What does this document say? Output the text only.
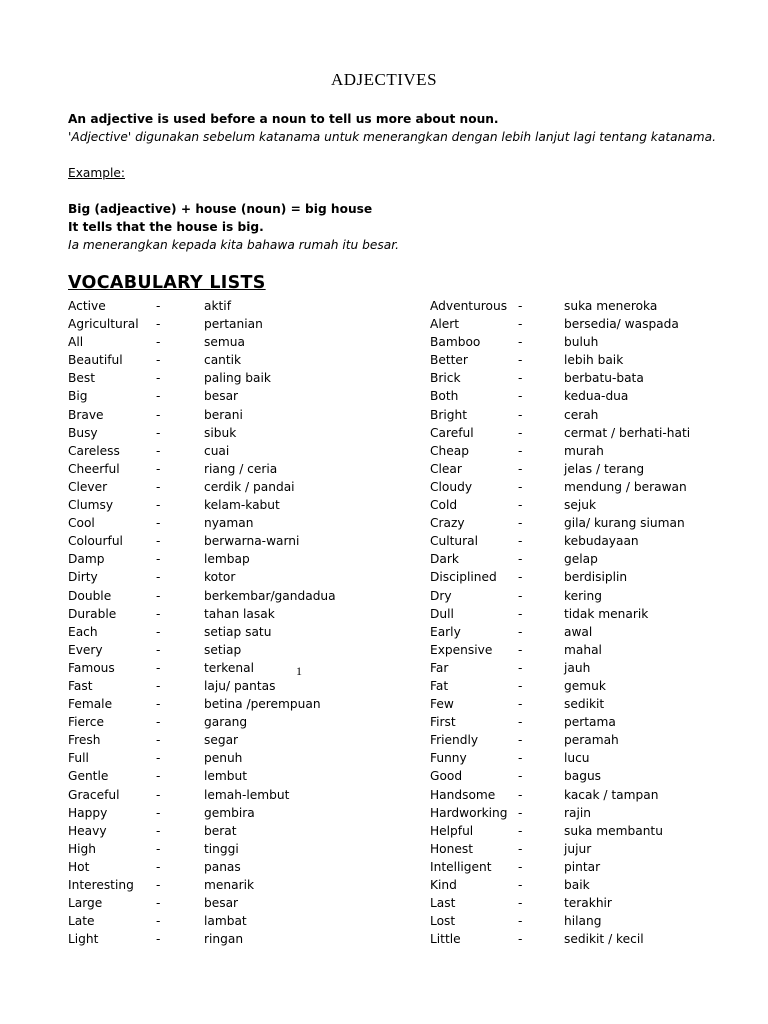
ADJECTIVES
An adjective is used before a noun to tell us more about noun.
'Adjective' digunakan sebelum katanama untuk menerangkan dengan lebih lanjut lagi tentang katanama.
Example:
Big (adjeactive) + house (noun) = big house
It tells that the house is big.
Ia menerangkan kepada kita bahawa rumah itu besar.
VOCABULARY LISTS
Active	-	aktif
Agricultural -	pertanian
All	-	semua
Beautiful	-	cantik
Best	-	paling baik
Big	-	besar
Brave	-	berani
Busy	-	sibuk
Careless	-	cuai
Cheerful	-	riang / ceria
Clever	-	cerdik / pandai
Clumsy	-	kelam-kabut
Cool	-	nyaman
Colourful	-	berwarna-warni
Damp	-	lembap
Dirty	-	kotor
Double	-	berkembar/gandadua
Durable	-	tahan lasak
Each	-	setiap satu
Every	-	setiap
Famous	-	terkenal
Fast	-	laju/ pantas
Female	-	betina /perempuan
Fierce	-	garang
Fresh	-	segar
Full	-	penuh
Gentle	-	lembut
Graceful	-	lemah-lembut
Happy	-	gembira
Heavy	-	berat
High	-	tinggi
Hot	-	panas
Interesting -	menarik
Large	-	besar
Late	-	lambat
Light	-	ringan
Adventurous -	suka meneroka
Alert	-	bersedia/ waspada
Bamboo	-	buluh
Better	-	lebih baik
Brick	-	berbatu-bata
Both	-	kedua-dua
Bright	-	cerah
Careful	-	cermat / berhati-hati
Cheap	-	murah
Clear	-	jelas / terang
Cloudy	-	mendung / berawan
Cold	-	sejuk
Crazy	-	gila/ kurang siuman
Cultural	-	kebudayaan
Dark	-	gelap
Disciplined -	berdisiplin
Dry	-	kering
Dull	-	tidak menarik
Early	-	awal
Expensive -	mahal
Far	-	jauh
Fat	-	gemuk
Few	-	sedikit
First	-	pertama
Friendly	-	peramah
Funny	-	lucu
Good	-	bagus
Handsome -	kacak / tampan
Hardworking -	rajin
Helpful	-	suka membantu
Honest	-	jujur
Intelligent -	pintar
Kind	-	baik
Last	-	terakhir
Lost	-	hilang
Little	-	sedikit / kecil
1
